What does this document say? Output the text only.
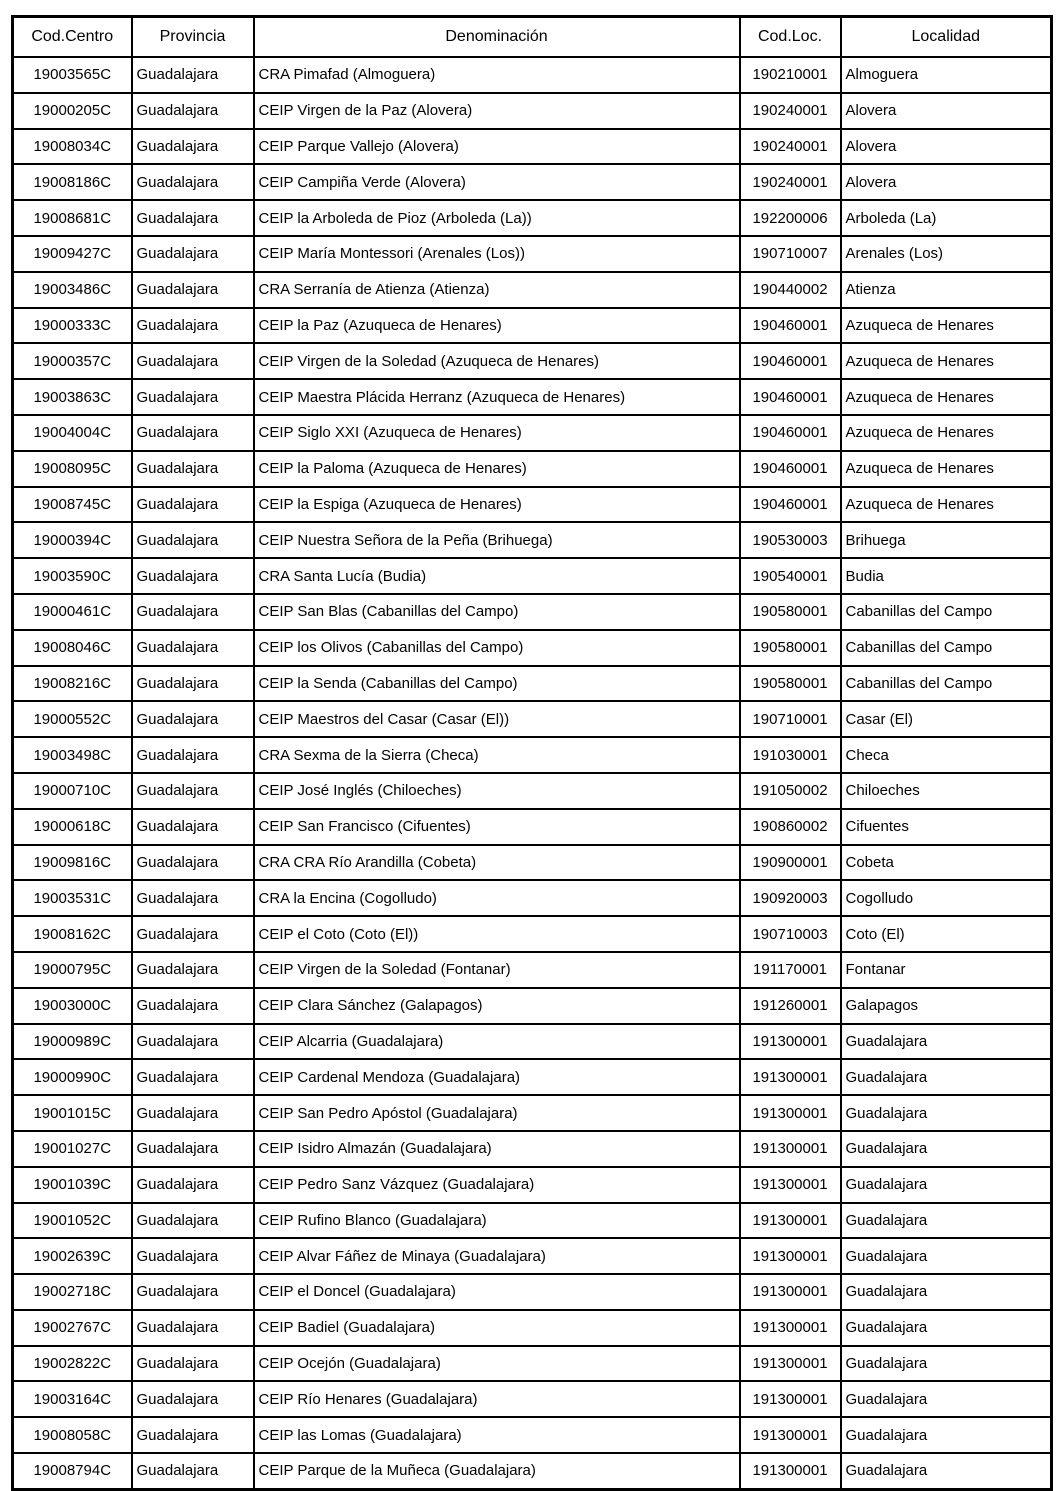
Cod.Centro	Provincia	Denominación	Cod.Loc.	Localidad
19003565C	Guadalajara	CRA Pimafad (Almoguera)	190210001	Almoguera
19000205C	Guadalajara	CEIP Virgen de la Paz (Alovera)	190240001	Alovera
19008034C	Guadalajara	CEIP Parque Vallejo (Alovera)	190240001	Alovera
19008186C	Guadalajara	CEIP Campiña Verde (Alovera)	190240001	Alovera
19008681C	Guadalajara	CEIP la Arboleda de Pioz (Arboleda (La))	192200006	Arboleda (La)
19009427C	Guadalajara	CEIP María Montessori (Arenales (Los))	190710007	Arenales (Los)
19003486C	Guadalajara	CRA Serranía de Atienza (Atienza)	190440002	Atienza
19000333C	Guadalajara	CEIP la Paz (Azuqueca de Henares)	190460001	Azuqueca de Henares
19000357C	Guadalajara	CEIP Virgen de la Soledad (Azuqueca de Henares)	190460001	Azuqueca de Henares
19003863C	Guadalajara	CEIP Maestra Plácida Herranz (Azuqueca de Henares)	190460001	Azuqueca de Henares
19004004C	Guadalajara	CEIP Siglo XXI (Azuqueca de Henares)	190460001	Azuqueca de Henares
19008095C	Guadalajara	CEIP la Paloma (Azuqueca de Henares)	190460001	Azuqueca de Henares
19008745C	Guadalajara	CEIP la Espiga (Azuqueca de Henares)	190460001	Azuqueca de Henares
19000394C	Guadalajara	CEIP Nuestra Señora de la Peña (Brihuega)	190530003	Brihuega
19003590C	Guadalajara	CRA Santa Lucía (Budia)	190540001	Budia
19000461C	Guadalajara	CEIP San Blas (Cabanillas del Campo)	190580001	Cabanillas del Campo
19008046C	Guadalajara	CEIP los Olivos (Cabanillas del Campo)	190580001	Cabanillas del Campo
19008216C	Guadalajara	CEIP la Senda (Cabanillas del Campo)	190580001	Cabanillas del Campo
19000552C	Guadalajara	CEIP Maestros del Casar (Casar (El))	190710001	Casar (El)
19003498C	Guadalajara	CRA Sexma de la Sierra (Checa)	191030001	Checa
19000710C	Guadalajara	CEIP José Inglés (Chiloeches)	191050002	Chiloeches
19000618C	Guadalajara	CEIP San Francisco (Cifuentes)	190860002	Cifuentes
19009816C	Guadalajara	CRA CRA Río Arandilla (Cobeta)	190900001	Cobeta
19003531C	Guadalajara	CRA la Encina (Cogolludo)	190920003	Cogolludo
19008162C	Guadalajara	CEIP el Coto (Coto (El))	190710003	Coto (El)
19000795C	Guadalajara	CEIP Virgen de la Soledad (Fontanar)	191170001	Fontanar
19003000C	Guadalajara	CEIP Clara Sánchez (Galapagos)	191260001	Galapagos
19000989C	Guadalajara	CEIP Alcarria (Guadalajara)	191300001	Guadalajara
19000990C	Guadalajara	CEIP Cardenal Mendoza (Guadalajara)	191300001	Guadalajara
19001015C	Guadalajara	CEIP San Pedro Apóstol (Guadalajara)	191300001	Guadalajara
19001027C	Guadalajara	CEIP Isidro Almazán (Guadalajara)	191300001	Guadalajara
19001039C	Guadalajara	CEIP Pedro Sanz Vázquez (Guadalajara)	191300001	Guadalajara
19001052C	Guadalajara	CEIP Rufino Blanco (Guadalajara)	191300001	Guadalajara
19002639C	Guadalajara	CEIP Alvar Fáñez de Minaya (Guadalajara)	191300001	Guadalajara
19002718C	Guadalajara	CEIP el Doncel (Guadalajara)	191300001	Guadalajara
19002767C	Guadalajara	CEIP Badiel (Guadalajara)	191300001	Guadalajara
19002822C	Guadalajara	CEIP Ocejón (Guadalajara)	191300001	Guadalajara
19003164C	Guadalajara	CEIP Río Henares (Guadalajara)	191300001	Guadalajara
19008058C	Guadalajara	CEIP las Lomas (Guadalajara)	191300001	Guadalajara
19008794C	Guadalajara	CEIP Parque de la Muñeca (Guadalajara)	191300001	Guadalajara
